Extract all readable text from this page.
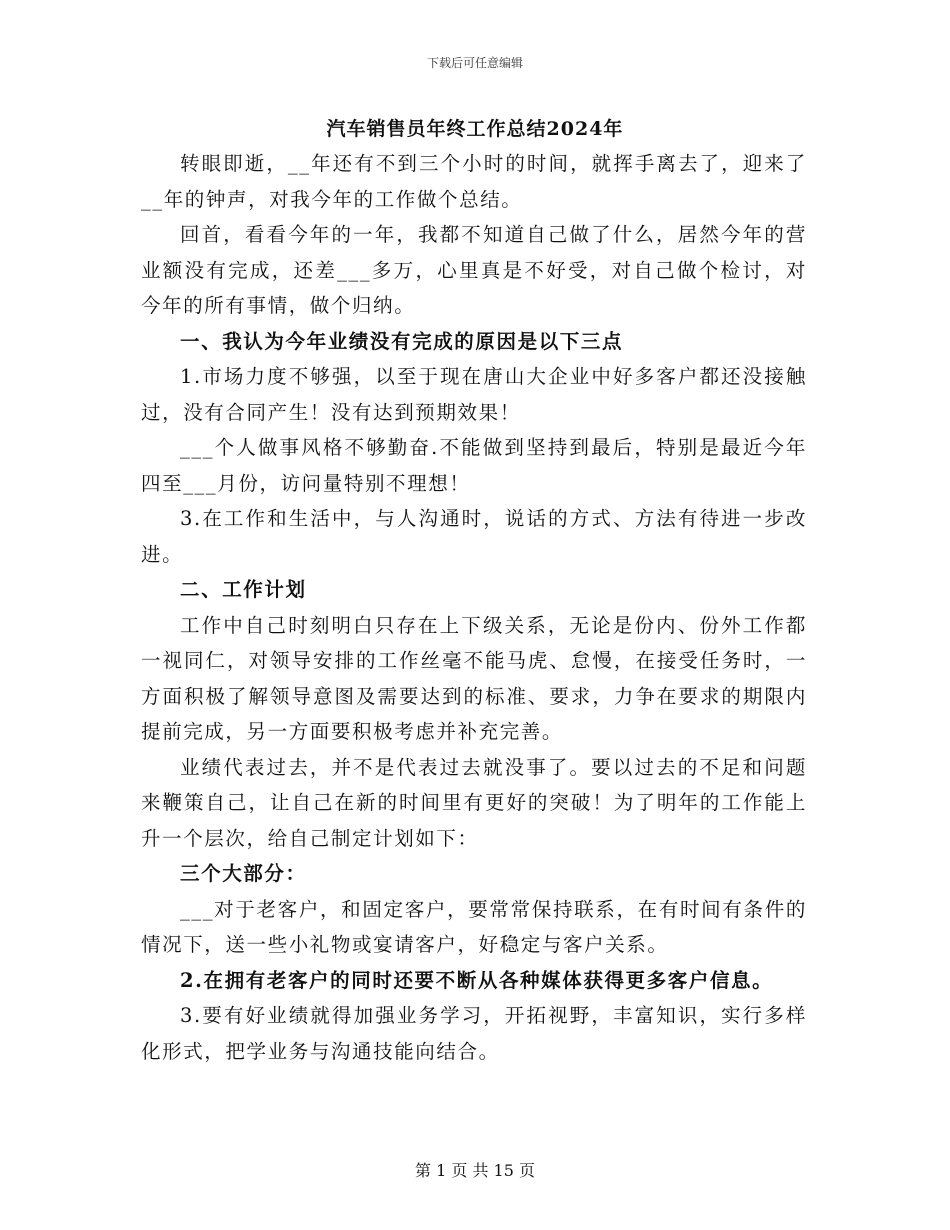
下载后可任意编辑
汽车销售员年终工作总结2024年

转眼即逝，__年还有不到三个小时的时间，就挥手离去了，迎来了__年的钟声，对我今年的工作做个总结。

回首，看看今年的一年，我都不知道自己做了什么，居然今年的营业额没有完成，还差___多万，心里真是不好受，对自己做个检讨，对今年的所有事情，做个归纳。

一、我认为今年业绩没有完成的原因是以下三点

1.市场力度不够强，以至于现在唐山大企业中好多客户都还没接触过，没有合同产生！没有达到预期效果！

___个人做事风格不够勤奋.不能做到坚持到最后，特别是最近今年四至___月份，访问量特别不理想！

3.在工作和生活中，与人沟通时，说话的方式、方法有待进一步改进。

二、工作计划

工作中自己时刻明白只存在上下级关系，无论是份内、份外工作都一视同仁，对领导安排的工作丝毫不能马虎、怠慢，在接受任务时，一方面积极了解领导意图及需要达到的标准、要求，力争在要求的期限内提前完成，另一方面要积极考虑并补充完善。

业绩代表过去，并不是代表过去就没事了。要以过去的不足和问题来鞭策自己，让自己在新的时间里有更好的突破！为了明年的工作能上升一个层次，给自己制定计划如下：

三个大部分：

___对于老客户，和固定客户，要常常保持联系，在有时间有条件的情况下，送一些小礼物或宴请客户，好稳定与客户关系。

2.在拥有老客户的同时还要不断从各种媒体获得更多客户信息。

3.要有好业绩就得加强业务学习，开拓视野，丰富知识，实行多样化形式，把学业务与沟通技能向结合。

第 1 页 共 15 页
